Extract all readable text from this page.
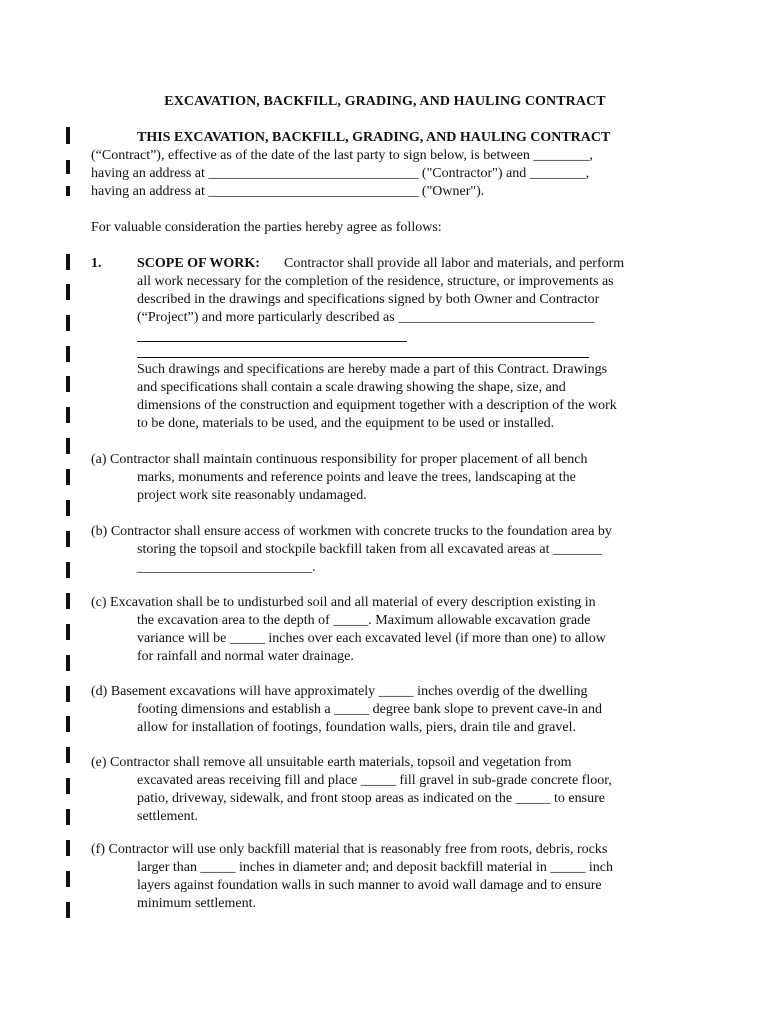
EXCAVATION, BACKFILL, GRADING, AND HAULING CONTRACT
THIS EXCAVATION, BACKFILL, GRADING, AND HAULING CONTRACT
(“Contract”), effective as of the date of the last party to sign below, is between ________,
having an address at ______________________________ ("Contractor") and ________,
having an address at ______________________________ ("Owner").
For valuable consideration the parties hereby agree as follows:
1.	SCOPE OF WORK: Contractor shall provide all labor and materials, and perform
all work necessary for the completion of the residence, structure, or improvements as
described in the drawings and specifications signed by both Owner and Contractor
(“Project”) and more particularly described as ____________________________
Such drawings and specifications are hereby made a part of this Contract. Drawings
and specifications shall contain a scale drawing showing the shape, size, and
dimensions of the construction and equipment together with a description of the work
to be done, materials to be used, and the equipment to be used or installed.
(a) Contractor shall maintain continuous responsibility for proper placement of all bench
marks, monuments and reference points and leave the trees, landscaping at the
project work site reasonably undamaged.
(b) Contractor shall ensure access of workmen with concrete trucks to the foundation area by
storing the topsoil and stockpile backfill taken from all excavated areas at _______
_________________________.
(c) Excavation shall be to undisturbed soil and all material of every description existing in
the excavation area to the depth of _____. Maximum allowable excavation grade
variance will be _____ inches over each excavated level (if more than one) to allow
for rainfall and normal water drainage.
(d) Basement excavations will have approximately _____ inches overdig of the dwelling
footing dimensions and establish a _____ degree bank slope to prevent cave-in and
allow for installation of footings, foundation walls, piers, drain tile and gravel.
(e) Contractor shall remove all unsuitable earth materials, topsoil and vegetation from
excavated areas receiving fill and place _____ fill gravel in sub-grade concrete floor,
patio, driveway, sidewalk, and front stoop areas as indicated on the _____ to ensure
settlement.
(f) Contractor will use only backfill material that is reasonably free from roots, debris, rocks
larger than _____ inches in diameter and; and deposit backfill material in _____ inch
layers against foundation walls in such manner to avoid wall damage and to ensure
minimum settlement.
